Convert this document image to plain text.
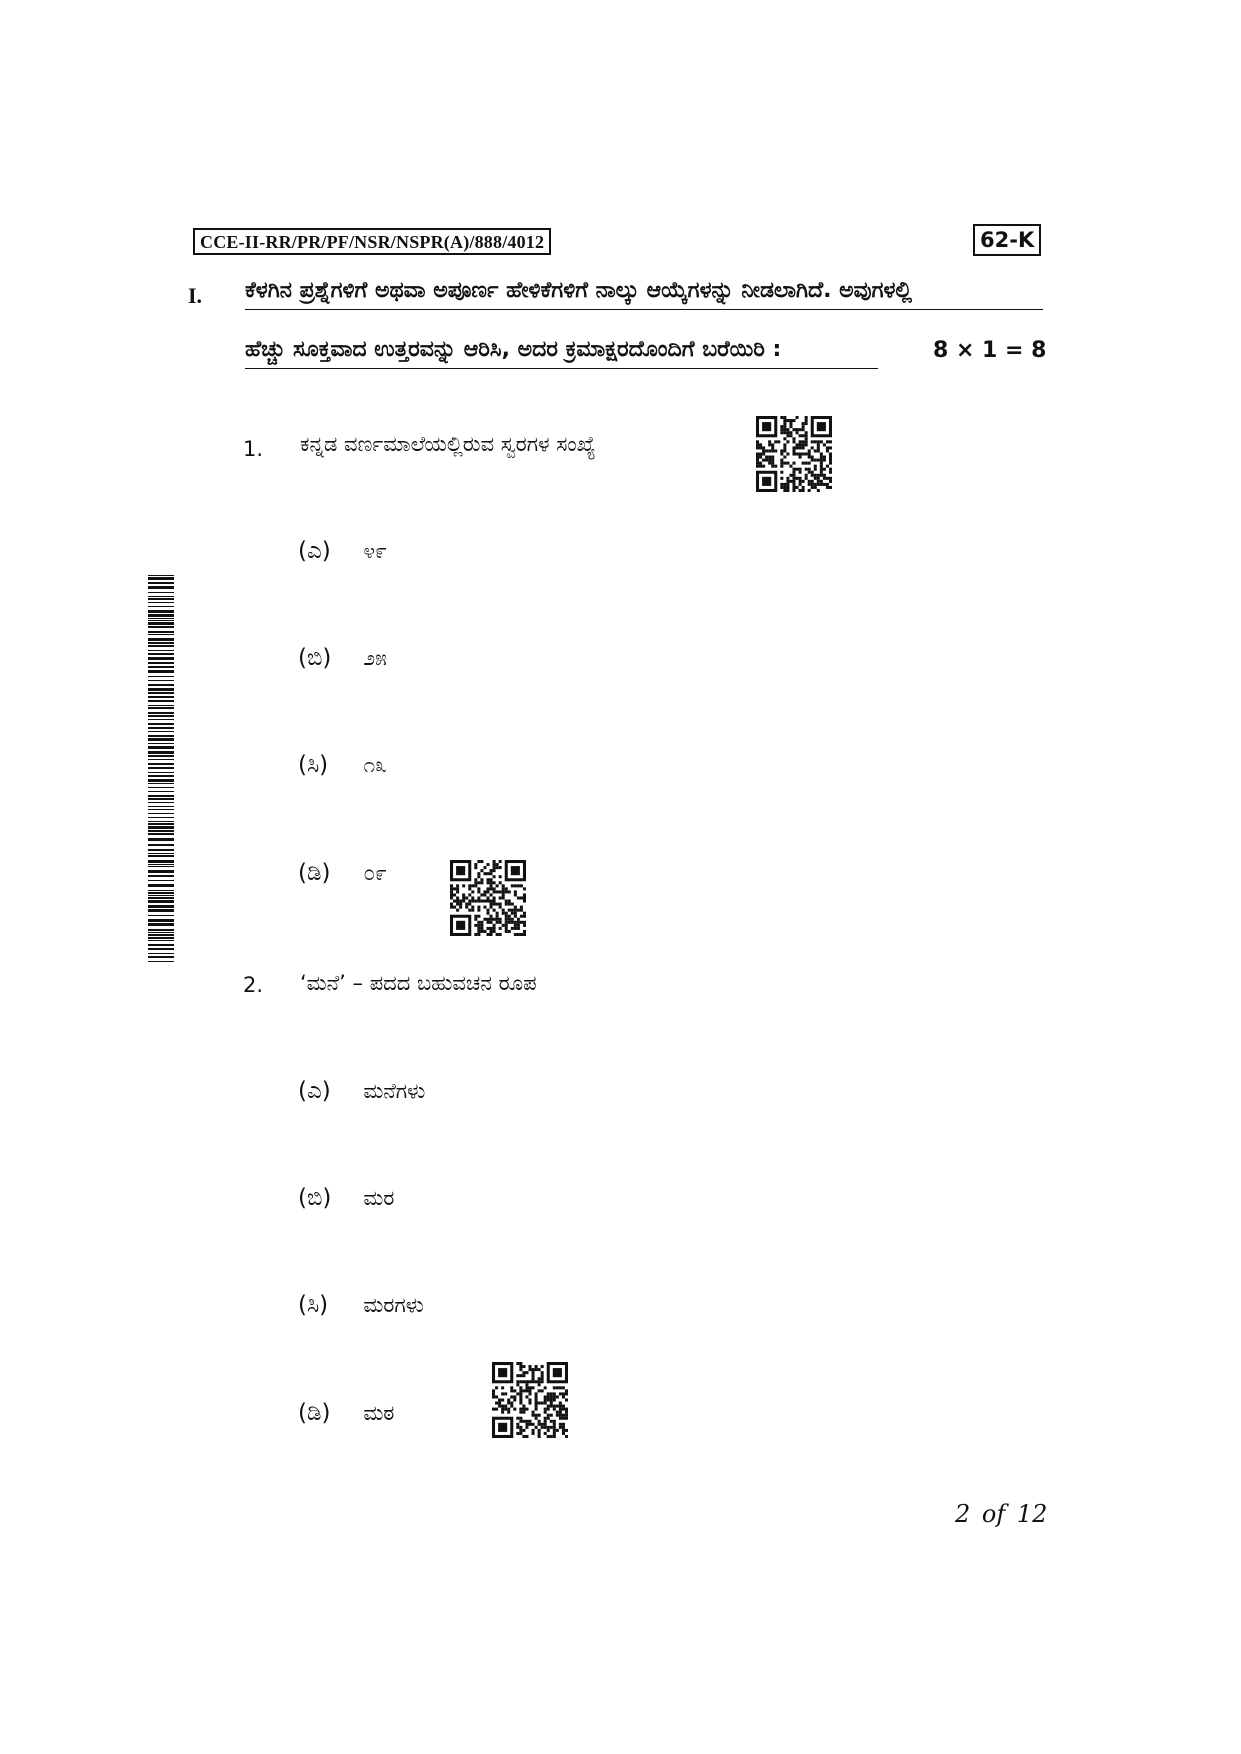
CCE-II-RR/PR/PF/NSR/NSPR(A)/888/4012	62-K
I. ಕೆಳಗಿನ ಪ್ರಶ್ನೆಗಳಿಗೆ ಅಥವಾ ಅಪೂರ್ಣ ಹೇಳಿಕೆಗಳಿಗೆ ನಾಲ್ಕು ಆಯ್ಕೆಗಳನ್ನು ನೀಡಲಾಗಿದೆ. ಅವುಗಳಲ್ಲಿ
ಹೆಚ್ಚು ಸೂಕ್ತವಾದ ಉತ್ತರವನ್ನು ಆರಿಸಿ, ಅದರ ಕ್ರಮಾಕ್ಷರದೊಂದಿಗೆ ಬರೆಯಿರಿ :	8 × 1 = 8
1. ಕನ್ನಡ ವರ್ಣಮಾಲೆಯಲ್ಲಿರುವ ಸ್ವರಗಳ ಸಂಖ್ಯೆ
(ಎ) ೪೯
(ಬಿ) ೨೫
(ಸಿ) ೧೩
(ಡಿ) ೦೯
2. ‘ಮನೆ’ – ಪದದ ಬಹುವಚನ ರೂಪ
(ಎ) ಮನೆಗಳು
(ಬಿ) ಮರ
(ಸಿ) ಮರಗಳು
(ಡಿ) ಮಠ
2 of 12
